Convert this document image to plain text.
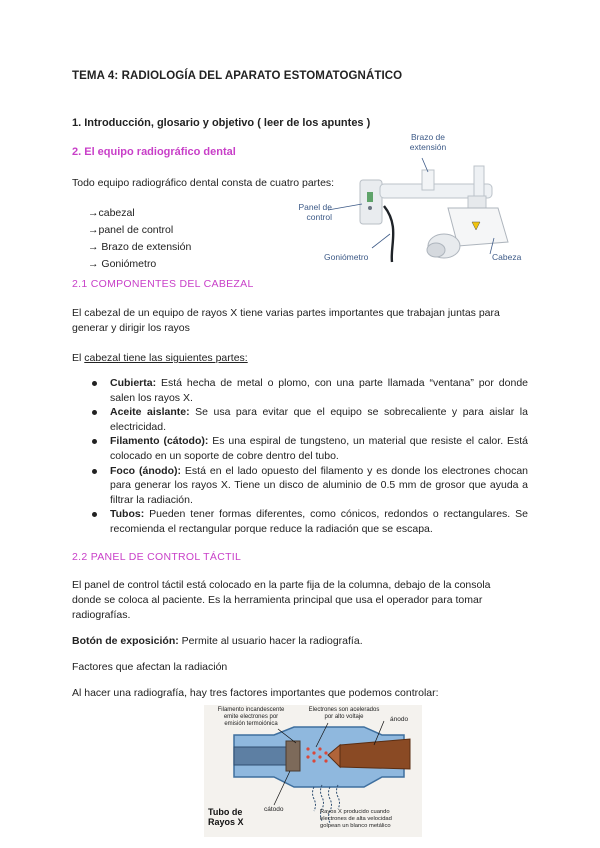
TEMA 4: RADIOLOGÍA DEL APARATO ESTOMATOGNÁTICO
1. Introducción, glosario y objetivo ( leer de los apuntes )
2. El equipo radiográfico dental
Todo equipo radiográfico dental consta de cuatro partes:
→cabezal
→panel de control
→ Brazo de extensión
→ Goniómetro
Brazo de
extensión
Panel de
control
Goniómetro	Cabeza
2.1 COMPONENTES DEL CABEZAL
El cabezal de un equipo de rayos X tiene varias partes importantes que trabajan juntas para
generar y dirigir los rayos
El cabezal tiene las siguientes partes:
Cubierta: Está hecha de metal o plomo, con una parte llamada “ventana” por donde salen los rayos X.
Aceite aislante: Se usa para evitar que el equipo se sobrecaliente y para aislar la electricidad.
Filamento (cátodo): Es una espiral de tungsteno, un material que resiste el calor. Está colocado en un soporte de cobre dentro del tubo.
Foco (ánodo): Está en el lado opuesto del filamento y es donde los electrones chocan para generar los rayos X. Tiene un disco de aluminio de 0.5 mm de grosor que ayuda a filtrar la radiación.
Tubos: Pueden tener formas diferentes, como cónicos, redondos o rectangulares. Se recomienda el rectangular porque reduce la radiación que se escapa.
2.2 PANEL DE CONTROL TÁCTIL
El panel de control táctil está colocado en la parte fija de la columna, debajo de la consola
donde se coloca al paciente. Es la herramienta principal que usa el operador para tomar
radiografías.
Botón de exposición: Permite al usuario hacer la radiografía.
Factores que afectan la radiación
Al hacer una radiografía, hay tres factores importantes que podemos controlar:
Filamento incandescente
emite electrones por
emisión termoiónica
Electrones son acelerados
por alto voltaje	ánodo
cátodo
Tubo de
Rayos X
Rayos X producido cuando
electrones de alta velocidad
golpean un blanco metálico
